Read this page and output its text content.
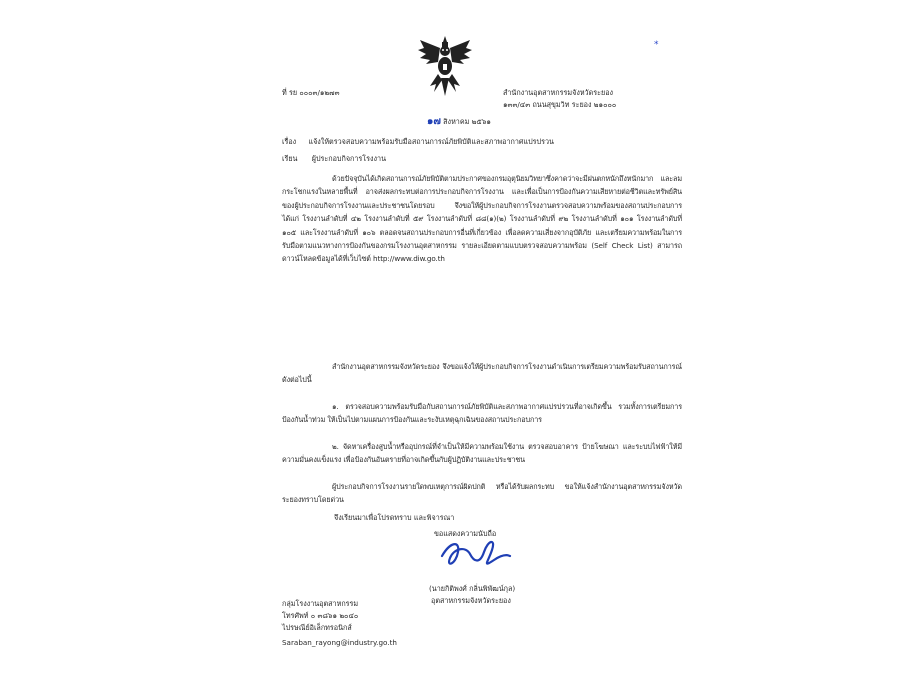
*
ที่ รย ๐๐๐๓/๑๒๗๓	สำนักงานอุตสาหกรรมจังหวัดระยอง
๑๓๓/๔๓ ถนนสุขุมวิท ระยอง ๒๑๐๐๐
๑๗ สิงหาคม ๒๕๖๑
เรื่อง แจ้งให้ตรวจสอบความพร้อมรับมือสถานการณ์ภัยพิบัติและสภาพอากาศแปรปรวน
เรียน ผู้ประกอบกิจการโรงงาน
ด้วยปัจจุบันได้เกิดสถานการณ์ภัยพิบัติตามประกาศของกรมอุตุนิยมวิทยาซึ่งคาดว่าจะมีฝนตกหนักถึงหนักมาก และลมกระโชกแรงในหลายพื้นที่ อาจส่งผลกระทบต่อการประกอบกิจการโรงงาน และเพื่อเป็นการป้องกันความเสียหายต่อชีวิตและทรัพย์สินของผู้ประกอบกิจการโรงงานและประชาชนโดยรอบ จึงขอให้ผู้ประกอบกิจการโรงงานตรวจสอบความพร้อมของสถานประกอบการ ได้แก่ โรงงานลำดับที่ ๔๒ โรงงานลำดับที่ ๕๙ โรงงานลำดับที่ ๘๘(๑)(๒) โรงงานลำดับที่ ๙๒ โรงงานลำดับที่ ๑๐๑ โรงงานลำดับที่ ๑๐๕ และโรงงานลำดับที่ ๑๐๖ ตลอดจนสถานประกอบการอื่นที่เกี่ยวข้อง เพื่อลดความเสี่ยงจากอุบัติภัย และเตรียมความพร้อมในการรับมือตามแนวทางการป้องกันของกรมโรงงานอุตสาหกรรม รายละเอียดตามแบบตรวจสอบความพร้อม (Self Check List) สามารถดาวน์โหลดข้อมูลได้ที่เว็บไซต์ http://www.diw.go.th
สำนักงานอุตสาหกรรมจังหวัดระยอง จึงขอแจ้งให้ผู้ประกอบกิจการโรงงานดำเนินการเตรียมความพร้อมรับสถานการณ์ ดังต่อไปนี้
๑. ตรวจสอบความพร้อมรับมือกับสถานการณ์ภัยพิบัติและสภาพอากาศแปรปรวนที่อาจเกิดขึ้น รวมทั้งการเตรียมการป้องกันน้ำท่วม ให้เป็นไปตามแผนการป้องกันและระงับเหตุฉุกเฉินของสถานประกอบการ
๒. จัดหาเครื่องสูบน้ำหรืออุปกรณ์ที่จำเป็นให้มีความพร้อมใช้งาน ตรวจสอบอาคาร ป้ายโฆษณา และระบบไฟฟ้าให้มีความมั่นคงแข็งแรง เพื่อป้องกันอันตรายที่อาจเกิดขึ้นกับผู้ปฏิบัติงานและประชาชน
ผู้ประกอบกิจการโรงงานรายใดพบเหตุการณ์ผิดปกติ หรือได้รับผลกระทบ ขอให้แจ้งสำนักงานอุตสาหกรรมจังหวัดระยองทราบโดยด่วน
จึงเรียนมาเพื่อโปรดทราบ และพิจารณา
ขอแสดงความนับถือ
(นายกิติพงศ์ กลิ่นพิพัฒน์กุล)
อุตสาหกรรมจังหวัดระยอง
กลุ่มโรงงานอุตสาหกรรม
โทรศัพท์ ๐ ๓๘๖๑ ๒๐๔๐
ไปรษณีย์อิเล็กทรอนิกส์
Saraban_rayong@industry.go.th
